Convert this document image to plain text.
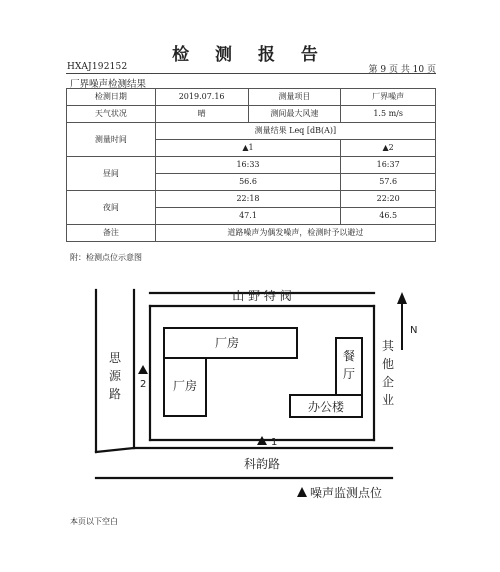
检 测 报 告
HXAJ192152	第 9 页 共 10 页
厂界噪声检测结果
检测日期	2019.07.16	测量项目	厂界噪声
天气状况	晴	测间最大风速	1.5 m/s
测量时间	测量结果 Leq [dB(A)]		
	▲1		▲2
昼间	16:33		16:37
	56.6		57.6
夜间	22:18		22:20
	47.1		46.5
备注	道路噪声为偶发噪声，检测时予以避过		
附：检测点位示意图
N
山 野 特 阀
思
源
路
科韵路
其
他
企
业
厂房
厂房
餐
厅
办公楼
1
2
噪声监测点位
本页以下空白
